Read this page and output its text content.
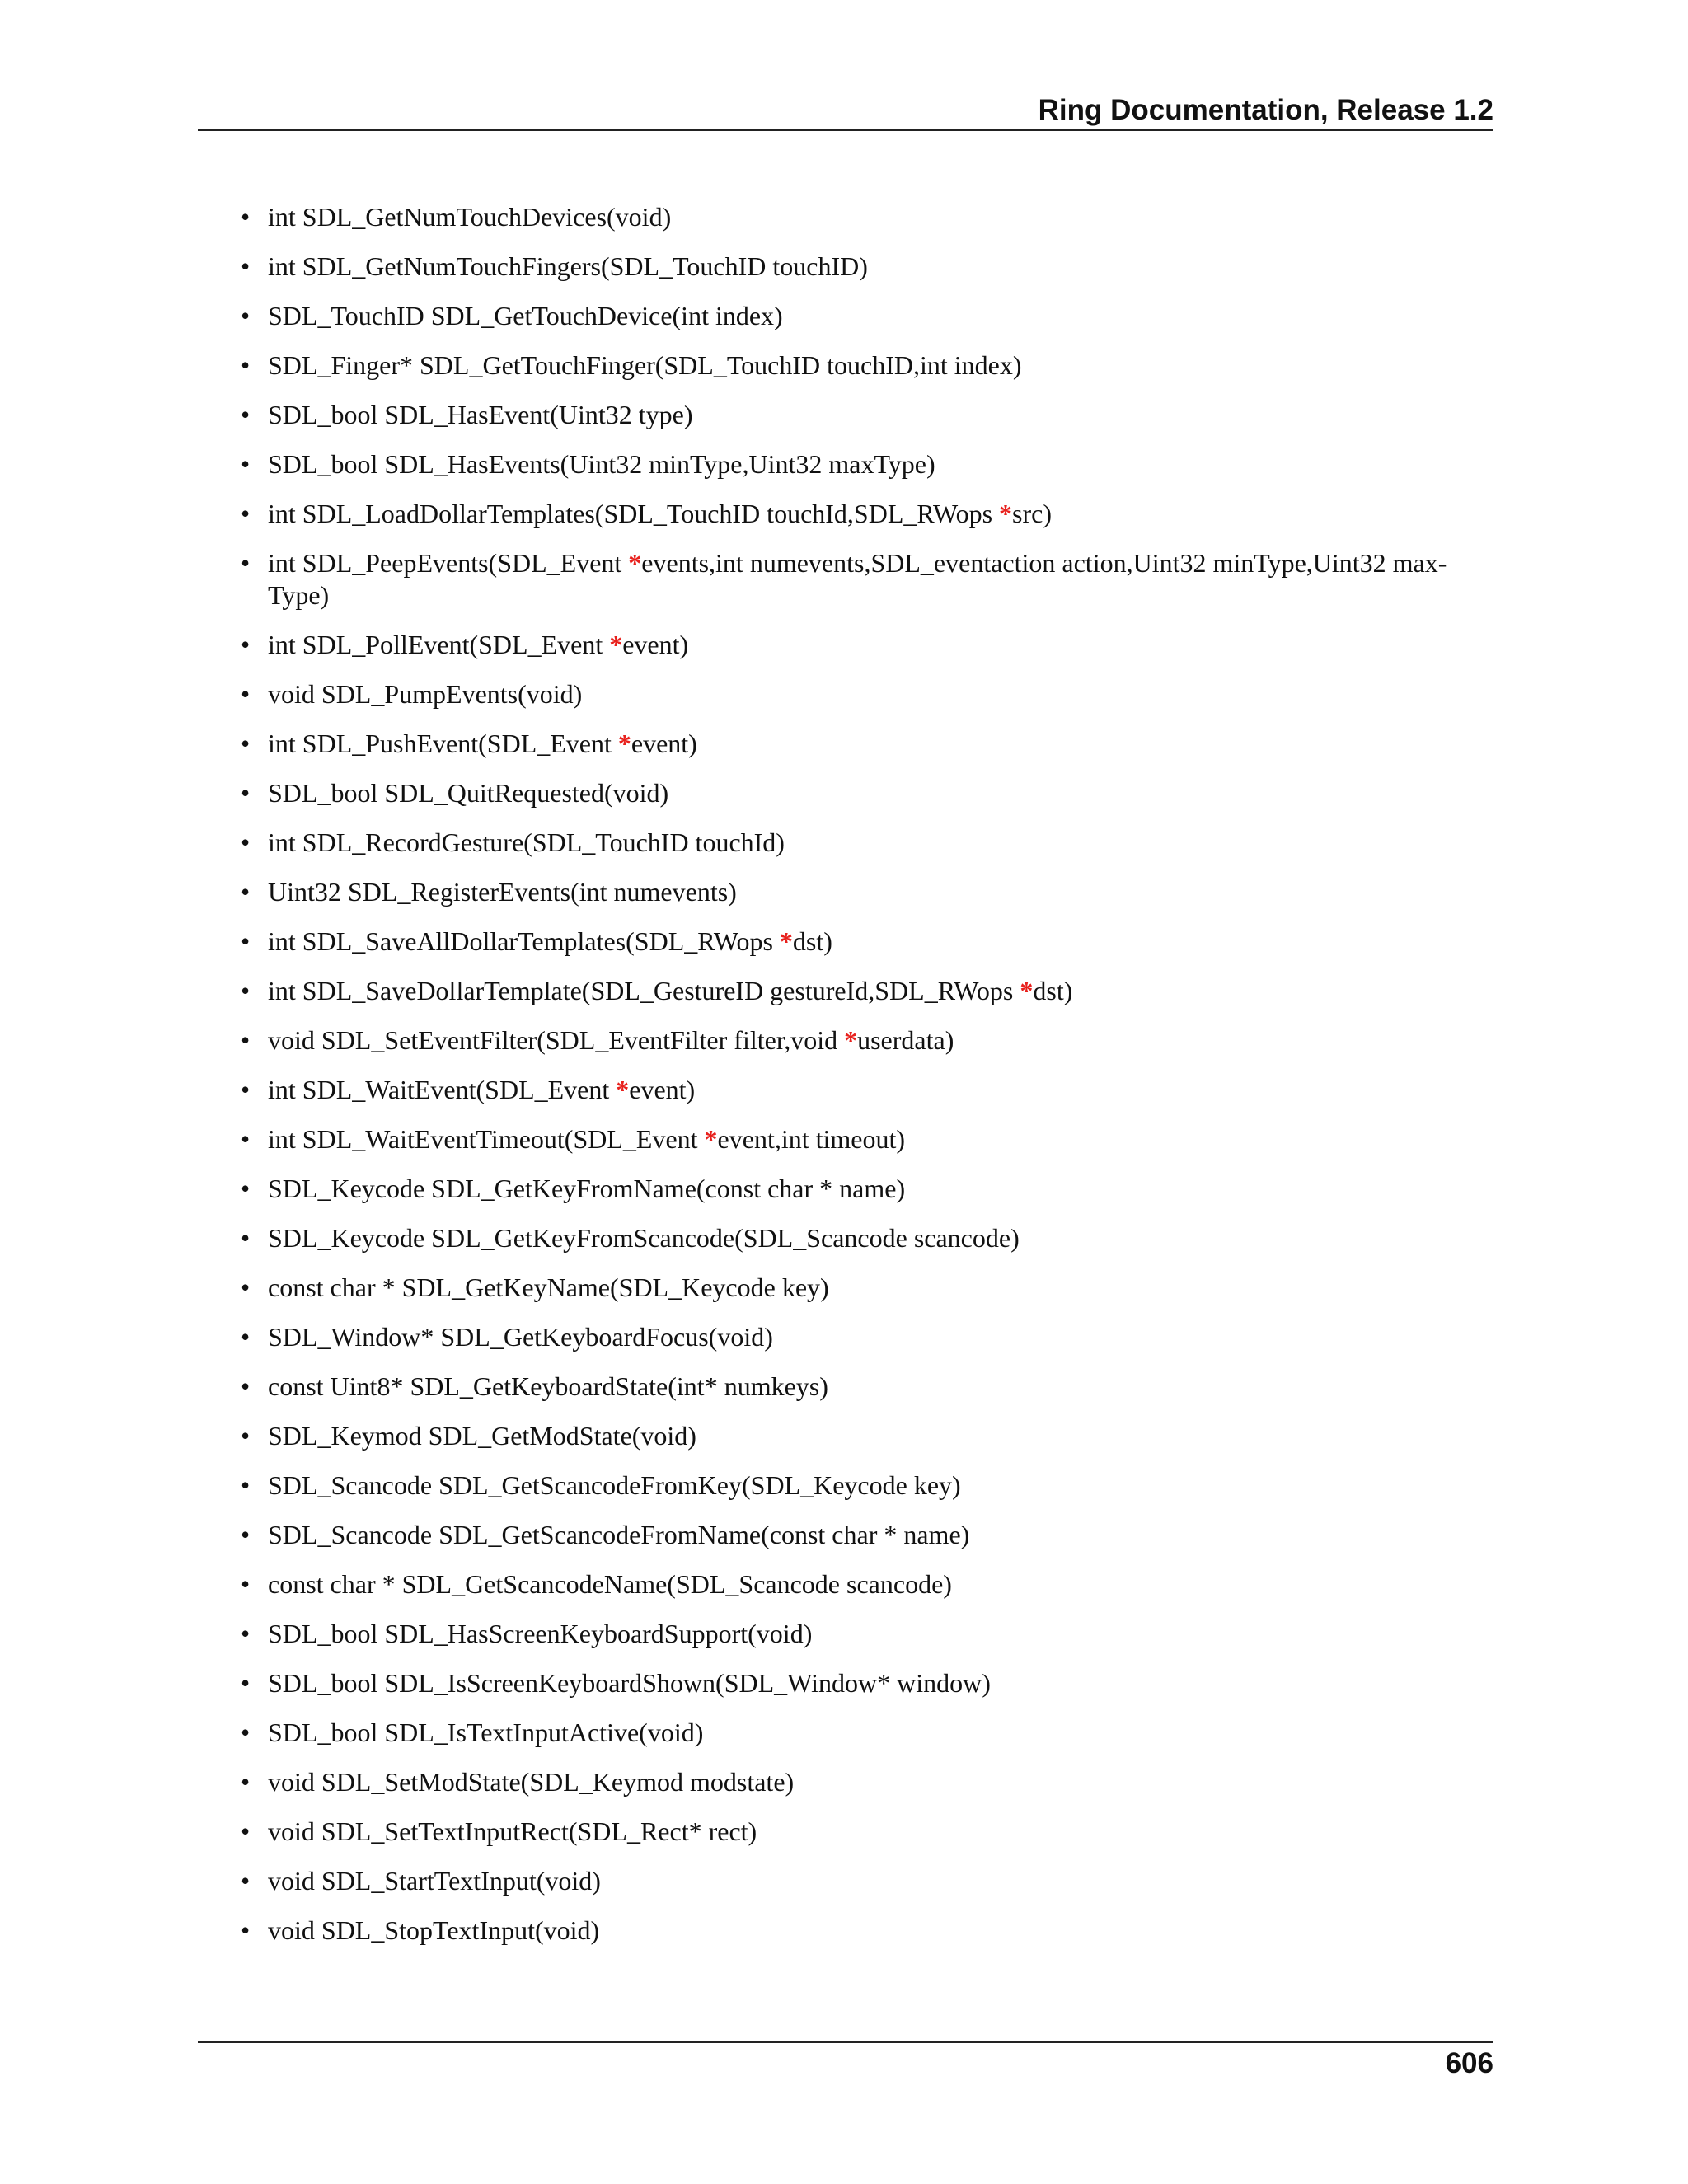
Ring Documentation, Release 1.2
• int SDL_GetNumTouchDevices(void)
• int SDL_GetNumTouchFingers(SDL_TouchID touchID)
• SDL_TouchID SDL_GetTouchDevice(int index)
• SDL_Finger* SDL_GetTouchFinger(SDL_TouchID touchID,int index)
• SDL_bool SDL_HasEvent(Uint32 type)
• SDL_bool SDL_HasEvents(Uint32 minType,Uint32 maxType)
• int SDL_LoadDollarTemplates(SDL_TouchID touchId,SDL_RWops *src)
• int SDL_PeepEvents(SDL_Event *events,int numevents,SDL_eventaction action,Uint32 minType,Uint32 max-Type)
• int SDL_PollEvent(SDL_Event *event)
• void SDL_PumpEvents(void)
• int SDL_PushEvent(SDL_Event *event)
• SDL_bool SDL_QuitRequested(void)
• int SDL_RecordGesture(SDL_TouchID touchId)
• Uint32 SDL_RegisterEvents(int numevents)
• int SDL_SaveAllDollarTemplates(SDL_RWops *dst)
• int SDL_SaveDollarTemplate(SDL_GestureID gestureId,SDL_RWops *dst)
• void SDL_SetEventFilter(SDL_EventFilter filter,void *userdata)
• int SDL_WaitEvent(SDL_Event *event)
• int SDL_WaitEventTimeout(SDL_Event *event,int timeout)
• SDL_Keycode SDL_GetKeyFromName(const char * name)
• SDL_Keycode SDL_GetKeyFromScancode(SDL_Scancode scancode)
• const char * SDL_GetKeyName(SDL_Keycode key)
• SDL_Window* SDL_GetKeyboardFocus(void)
• const Uint8* SDL_GetKeyboardState(int* numkeys)
• SDL_Keymod SDL_GetModState(void)
• SDL_Scancode SDL_GetScancodeFromKey(SDL_Keycode key)
• SDL_Scancode SDL_GetScancodeFromName(const char * name)
• const char * SDL_GetScancodeName(SDL_Scancode scancode)
• SDL_bool SDL_HasScreenKeyboardSupport(void)
• SDL_bool SDL_IsScreenKeyboardShown(SDL_Window* window)
• SDL_bool SDL_IsTextInputActive(void)
• void SDL_SetModState(SDL_Keymod modstate)
• void SDL_SetTextInputRect(SDL_Rect* rect)
• void SDL_StartTextInput(void)
• void SDL_StopTextInput(void)
606
